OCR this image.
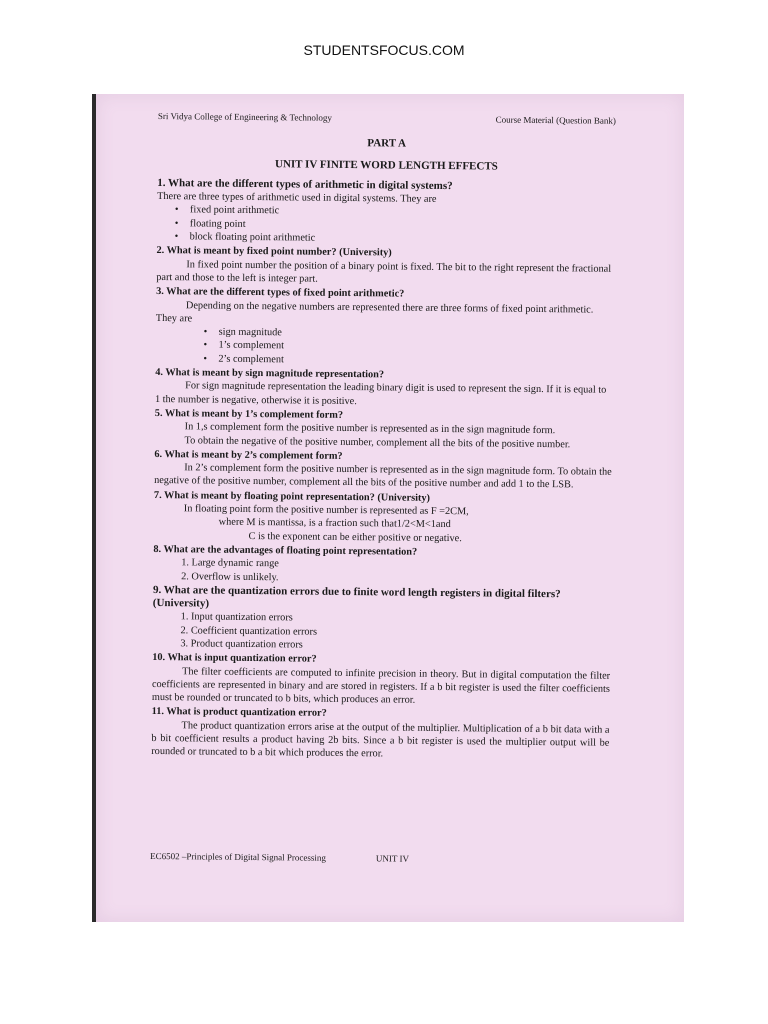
STUDENTSFOCUS.COM
Sri Vidya College of Engineering & Technology	Course Material (Question Bank)
PART A
UNIT IV FINITE WORD LENGTH EFFECTS

1. What are the different types of arithmetic in digital systems?

There are three types of arithmetic used in digital systems. They are

• fixed point arithmetic
• floating point
• block floating point arithmetic

2. What is meant by fixed point number? (University)

In fixed point number the position of a binary point is fixed. The bit to the right represent the fractional part and those to the left is integer part.

3. What are the different types of fixed point arithmetic?

Depending on the negative numbers are represented there are three forms of fixed point arithmetic. They are

• sign magnitude
• 1’s complement
• 2’s complement

4. What is meant by sign magnitude representation?

For sign magnitude representation the leading binary digit is used to represent the sign. If it is equal to 1 the number is negative, otherwise it is positive.

5. What is meant by 1’s complement form?

In 1,s complement form the positive number is represented as in the sign magnitude form.

To obtain the negative of the positive number, complement all the bits of the positive number.

6. What is meant by 2’s complement form?

In 2’s complement form the positive number is represented as in the sign magnitude form. To obtain the negative of the positive number, complement all the bits of the positive number and add 1 to the LSB.

7. What is meant by floating point representation? (University)

In floating point form the positive number is represented as F =2CM,

where M is mantissa, is a fraction such that1/2<M<1and

C is the exponent can be either positive or negative.

8. What are the advantages of floating point representation?

1. Large dynamic range
2. Overflow is unlikely.

9. What are the quantization errors due to finite word length registers in digital filters?(University)

1. Input quantization errors
2. Coefficient quantization errors
3. Product quantization errors

10. What is input quantization error?

The filter coefficients are computed to infinite precision in theory. But in digital computation the filter coefficients are represented in binary and are stored in registers. If a b bit register is used the filter coefficients must be rounded or truncated to b bits, which produces an error.

11. What is product quantization error?

The product quantization errors arise at the output of the multiplier. Multiplication of a b bit data with a b bit coefficient results a product having 2b bits. Since a b bit register is used the multiplier output will be rounded or truncated to b a bit which produces the error.

EC6502 –Principles of Digital Signal Processing	UNIT IV
